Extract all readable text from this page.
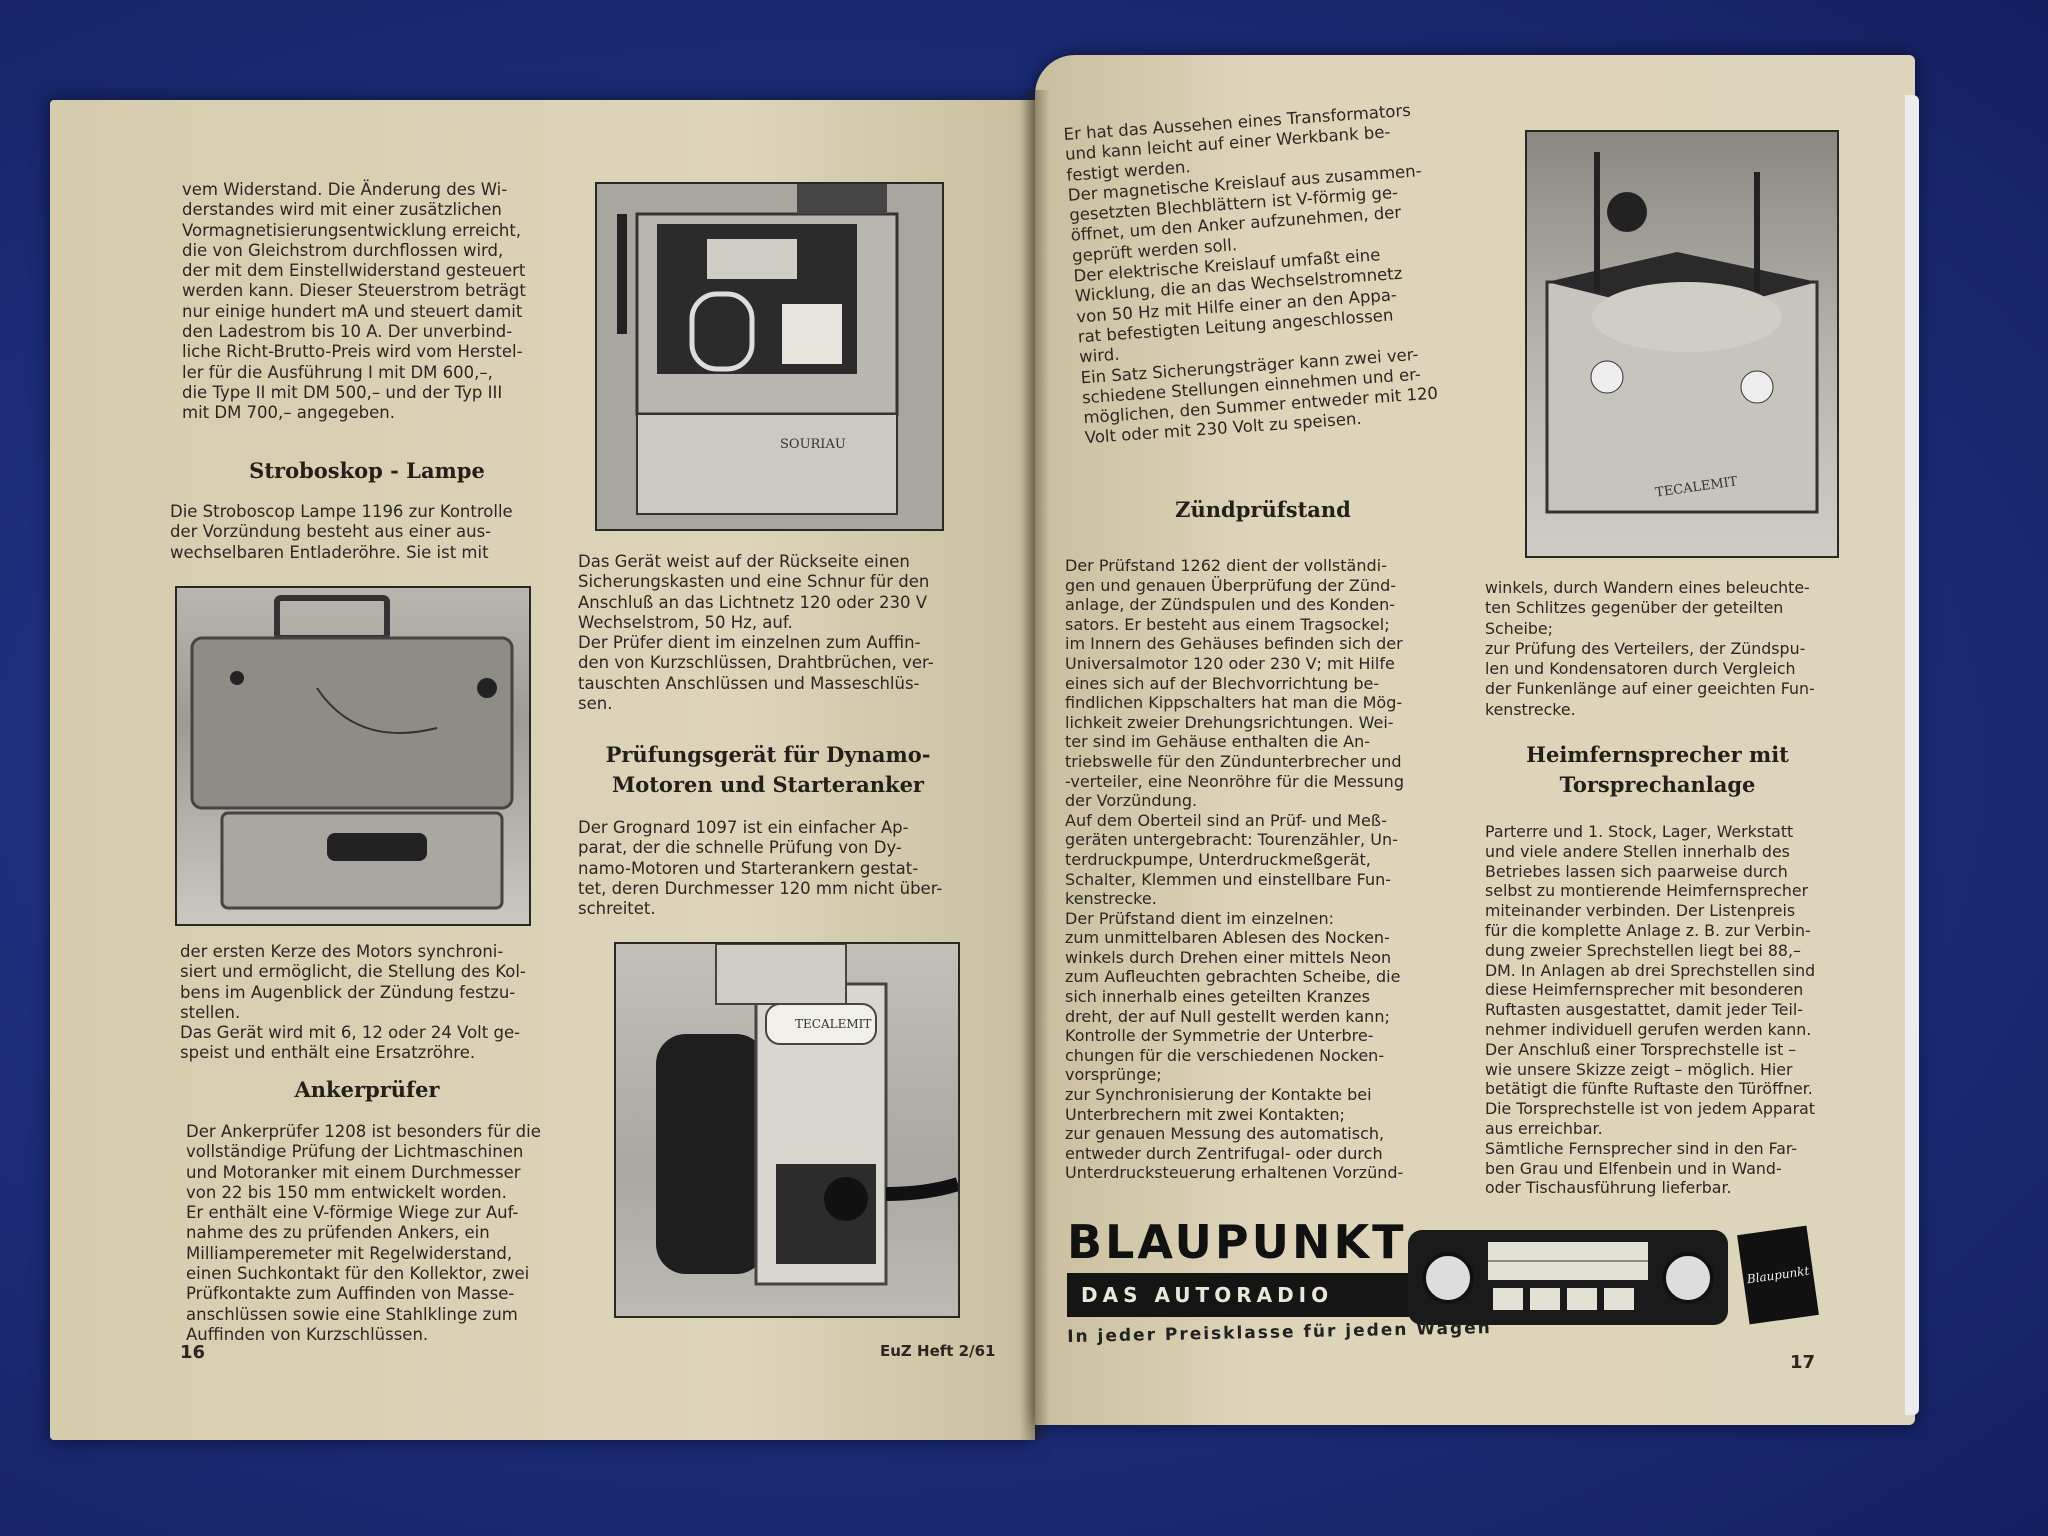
vem Widerstand. Die Änderung des Wi-
derstandes wird mit einer zusätzlichen
Vormagnetisierungsentwicklung erreicht,
die von Gleichstrom durchflossen wird,
der mit dem Einstellwiderstand gesteuert
werden kann. Dieser Steuerstrom beträgt
nur einige hundert mA und steuert damit
den Ladestrom bis 10 A. Der unverbind-
liche Richt-Brutto-Preis wird vom Herstel-
ler für die Ausführung I mit DM 600,–,
die Type II mit DM 500,– und der Typ III
mit DM 700,– angegeben.

Stroboskop - Lampe

Die Stroboscop Lampe 1196 zur Kontrolle
der Vorzündung besteht aus einer aus-
wechselbaren Entladeröhre. Sie ist mit

der ersten Kerze des Motors synchroni-
siert und ermöglicht, die Stellung des Kol-
bens im Augenblick der Zündung festzu-
stellen.
Das Gerät wird mit 6, 12 oder 24 Volt ge-
speist und enthält eine Ersatzröhre.

Ankerprüfer

Der Ankerprüfer 1208 ist besonders für die
vollständige Prüfung der Lichtmaschinen
und Motoranker mit einem Durchmesser
von 22 bis 150 mm entwickelt worden.
Er enthält eine V-förmige Wiege zur Auf-
nahme des zu prüfenden Ankers, ein
Milliamperemeter mit Regelwiderstand,
einen Suchkontakt für den Kollektor, zwei
Prüfkontakte zum Auffinden von Masse-
anschlüssen sowie eine Stahlklinge zum
Auffinden von Kurzschlüssen.

SOURIAU

Das Gerät weist auf der Rückseite einen
Sicherungskasten und eine Schnur für den
Anschluß an das Lichtnetz 120 oder 230 V
Wechselstrom, 50 Hz, auf.
Der Prüfer dient im einzelnen zum Auffin-
den von Kurzschlüssen, Drahtbrüchen, ver-
tauschten Anschlüssen und Masseschlüs-
sen.

Prüfungsgerät für Dynamo-
Motoren und Starteranker

Der Grognard 1097 ist ein einfacher Ap-
parat, der die schnelle Prüfung von Dy-
namo-Motoren und Starterankern gestat-
tet, deren Durchmesser 120 mm nicht über-
schreitet.

TECALEMIT
16	EuZ Heft 2/61

Er hat das Aussehen eines Transformators
und kann leicht auf einer Werkbank be-
festigt werden.
Der magnetische Kreislauf aus zusammen-
gesetzten Blechblättern ist V-förmig ge-
öffnet, um den Anker aufzunehmen, der
geprüft werden soll.
Der elektrische Kreislauf umfaßt eine
Wicklung, die an das Wechselstromnetz
von 50 Hz mit Hilfe einer an den Appa-
rat befestigten Leitung angeschlossen
wird.
Ein Satz Sicherungsträger kann zwei ver-
schiedene Stellungen einnehmen und er-
möglichen, den Summer entweder mit 120
Volt oder mit 230 Volt zu speisen.

Zündprüfstand

Der Prüfstand 1262 dient der vollständi-
gen und genauen Überprüfung der Zünd-
anlage, der Zündspulen und des Konden-
sators. Er besteht aus einem Tragsockel;
im Innern des Gehäuses befinden sich der
Universalmotor 120 oder 230 V; mit Hilfe
eines sich auf der Blechvorrichtung be-
findlichen Kippschalters hat man die Mög-
lichkeit zweier Drehungsrichtungen. Wei-
ter sind im Gehäuse enthalten die An-
triebswelle für den Zündunterbrecher und
-verteiler, eine Neonröhre für die Messung
der Vorzündung.
Auf dem Oberteil sind an Prüf- und Meß-
geräten untergebracht: Tourenzähler, Un-
terdruckpumpe, Unterdruckmeßgerät,
Schalter, Klemmen und einstellbare Fun-
kenstrecke.
Der Prüfstand dient im einzelnen:
zum unmittelbaren Ablesen des Nocken-
winkels durch Drehen einer mittels Neon
zum Aufleuchten gebrachten Scheibe, die
sich innerhalb eines geteilten Kranzes
dreht, der auf Null gestellt werden kann;
Kontrolle der Symmetrie der Unterbre-
chungen für die verschiedenen Nocken-
vorsprünge;
zur Synchronisierung der Kontakte bei
Unterbrechern mit zwei Kontakten;
zur genauen Messung des automatisch,
entweder durch Zentrifugal- oder durch
Unterdrucksteuerung erhaltenen Vorzünd-

TECALEMIT

winkels, durch Wandern eines beleuchte-
ten Schlitzes gegenüber der geteilten
Scheibe;
zur Prüfung des Verteilers, der Zündspu-
len und Kondensatoren durch Vergleich
der Funkenlänge auf einer geeichten Fun-
kenstrecke.

Heimfernsprecher mit
Torsprechanlage

Parterre und 1. Stock, Lager, Werkstatt
und viele andere Stellen innerhalb des
Betriebes lassen sich paarweise durch
selbst zu montierende Heimfernsprecher
miteinander verbinden. Der Listenpreis
für die komplette Anlage z. B. zur Verbin-
dung zweier Sprechstellen liegt bei 88,–
DM. In Anlagen ab drei Sprechstellen sind
diese Heimfernsprecher mit besonderen
Ruftasten ausgestattet, damit jeder Teil-
nehmer individuell gerufen werden kann.
Der Anschluß einer Torsprechstelle ist –
wie unsere Skizze zeigt – möglich. Hier
betätigt die fünfte Ruftaste den Türöffner.
Die Torsprechstelle ist von jedem Apparat
aus erreichbar.
Sämtliche Fernsprecher sind in den Far-
ben Grau und Elfenbein und in Wand-
oder Tischausführung lieferbar.

BLAUPUNKT
DAS AUTORADIO
Blaupunkt
In jeder Preisklasse für jeden Wagen
17
